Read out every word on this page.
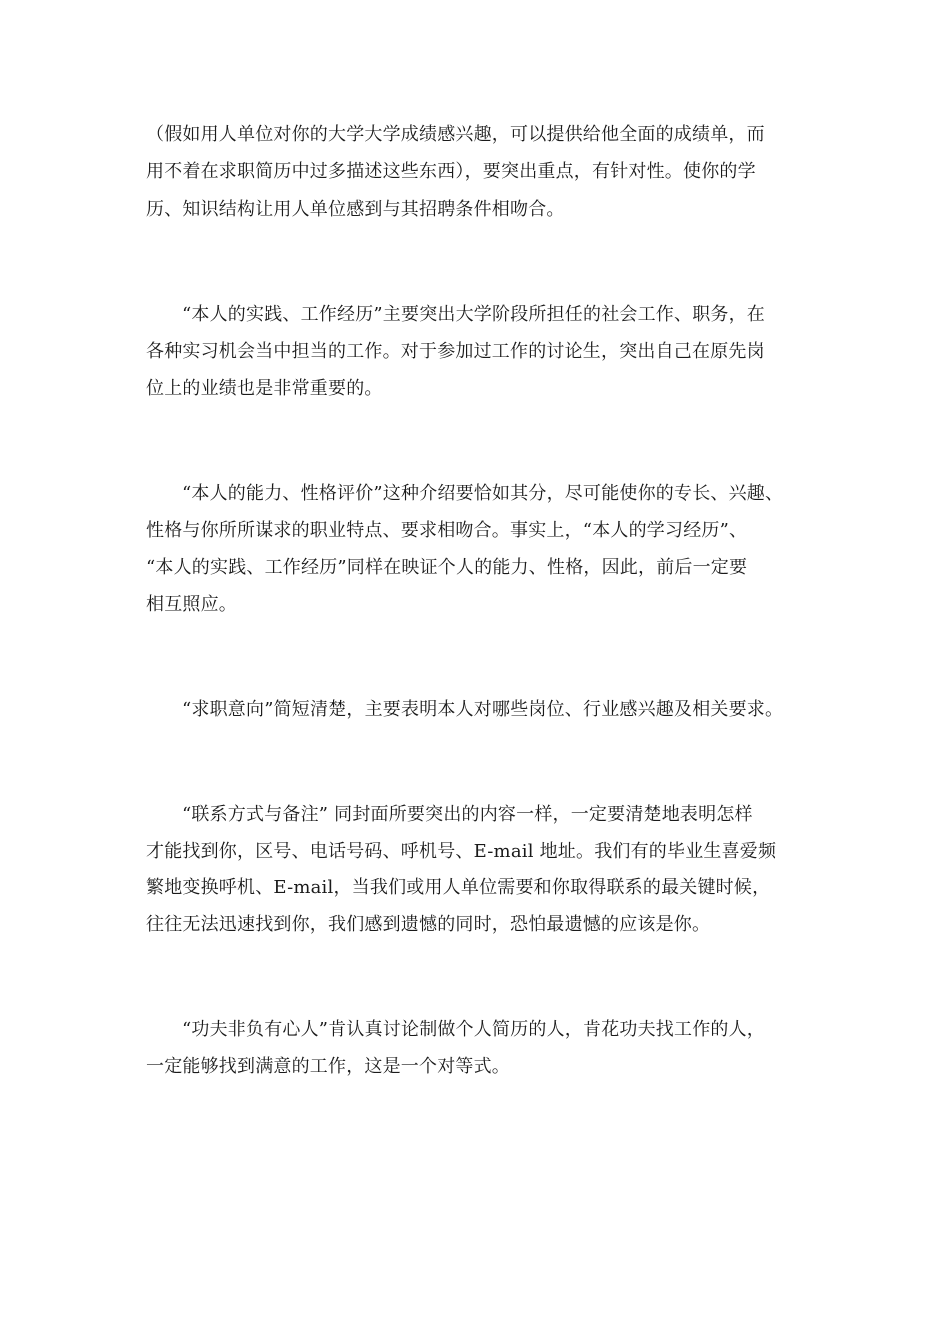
（假如用人单位对你的大学大学成绩感兴趣，可以提供给他全面的成绩单，而
用不着在求职简历中过多描述这些东西），要突出重点，有针对性。使你的学
历、知识结构让用人单位感到与其招聘条件相吻合。
“本人的实践、工作经历”主要突出大学阶段所担任的社会工作、职务，在
各种实习机会当中担当的工作。对于参加过工作的讨论生，突出自己在原先岗
位上的业绩也是非常重要的。
“本人的能力、性格评价”这种介绍要恰如其分，尽可能使你的专长、兴趣、
性格与你所所谋求的职业特点、要求相吻合。事实上，“本人的学习经历”、
“本人的实践、工作经历”同样在映证个人的能力、性格，因此，前后一定要
相互照应。
“求职意向”简短清楚，主要表明本人对哪些岗位、行业感兴趣及相关要求。
“联系方式与备注” 同封面所要突出的内容一样，一定要清楚地表明怎样
才能找到你，区号、电话号码、呼机号、E-mail 地址。我们有的毕业生喜爱频
繁地变换呼机、E-mail，当我们或用人单位需要和你取得联系的最关键时候，
往往无法迅速找到你，我们感到遗憾的同时，恐怕最遗憾的应该是你。
“功夫非负有心人”肯认真讨论制做个人简历的人，肯花功夫找工作的人，
一定能够找到满意的工作，这是一个对等式。
